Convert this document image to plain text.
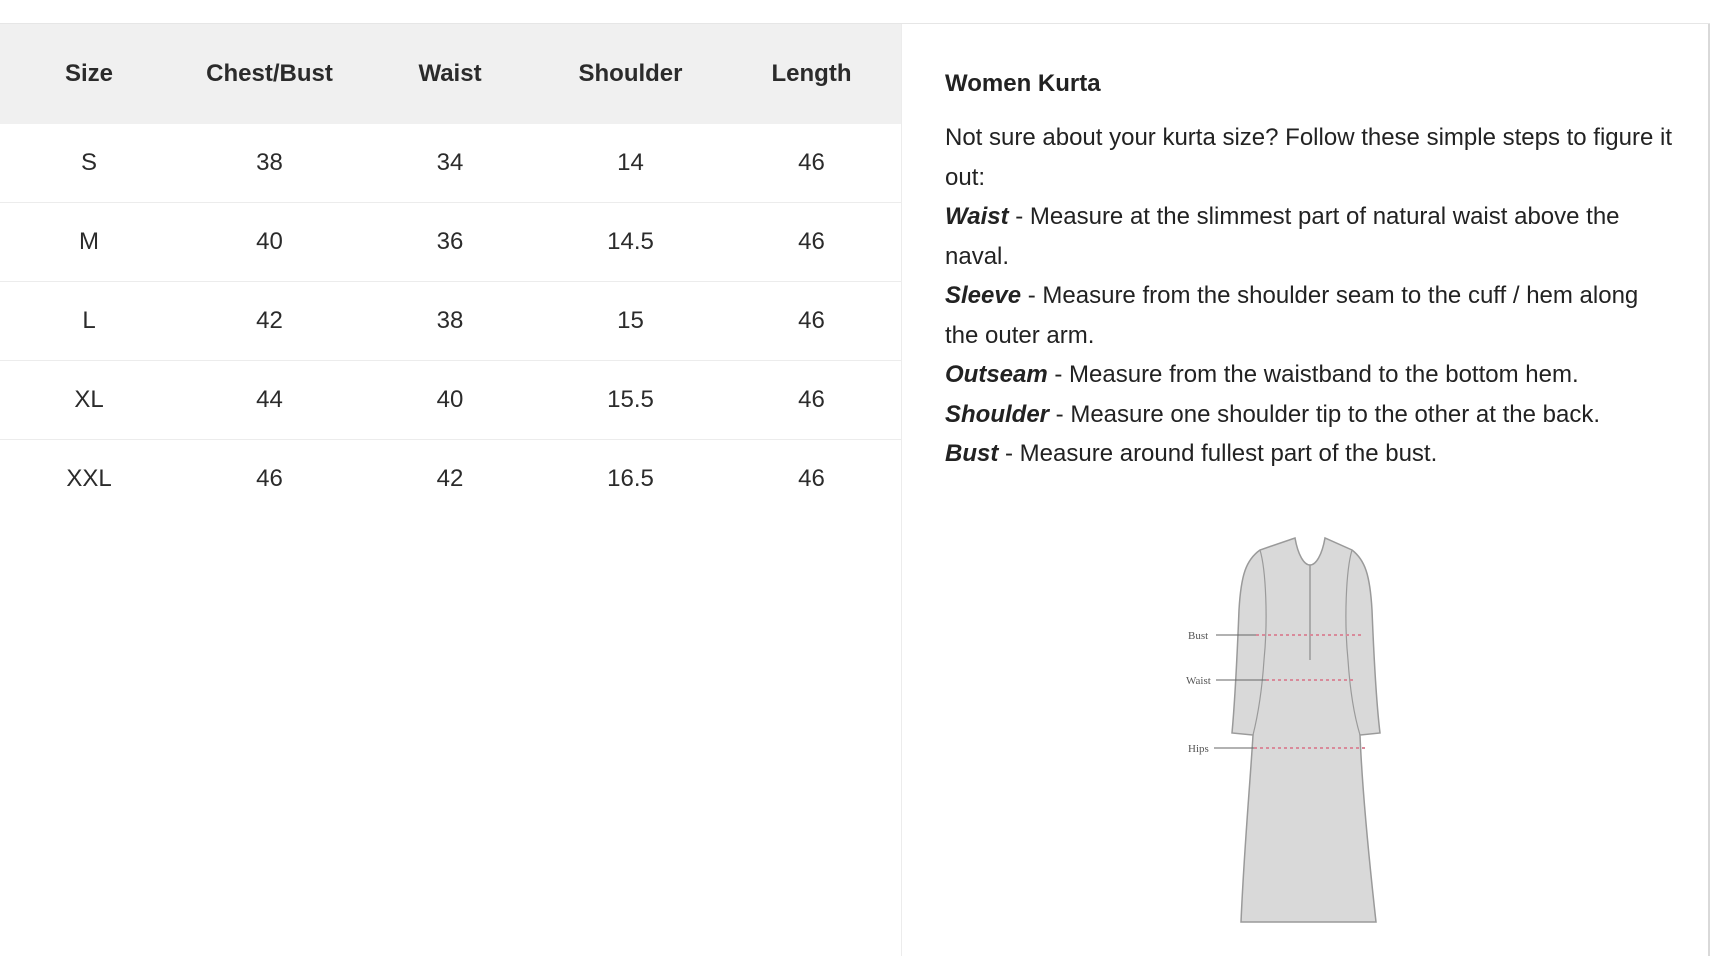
Size	Chest/Bust	Waist	Shoulder	Length
S	38	34	14	46
M	40	36	14.5	46
L	42	38	15	46
XL	44	40	15.5	46
XXL	46	42	16.5	46
Women Kurta

Not sure about your kurta size? Follow these simple steps to figure it out:

Waist - Measure at the slimmest part of natural waist above the naval.

Sleeve - Measure from the shoulder seam to the cuff / hem along the outer arm.

Outseam - Measure from the waistband to the bottom hem.

Shoulder - Measure one shoulder tip to the other at the back.

Bust - Measure around fullest part of the bust.

Bust
Waist
Hips
